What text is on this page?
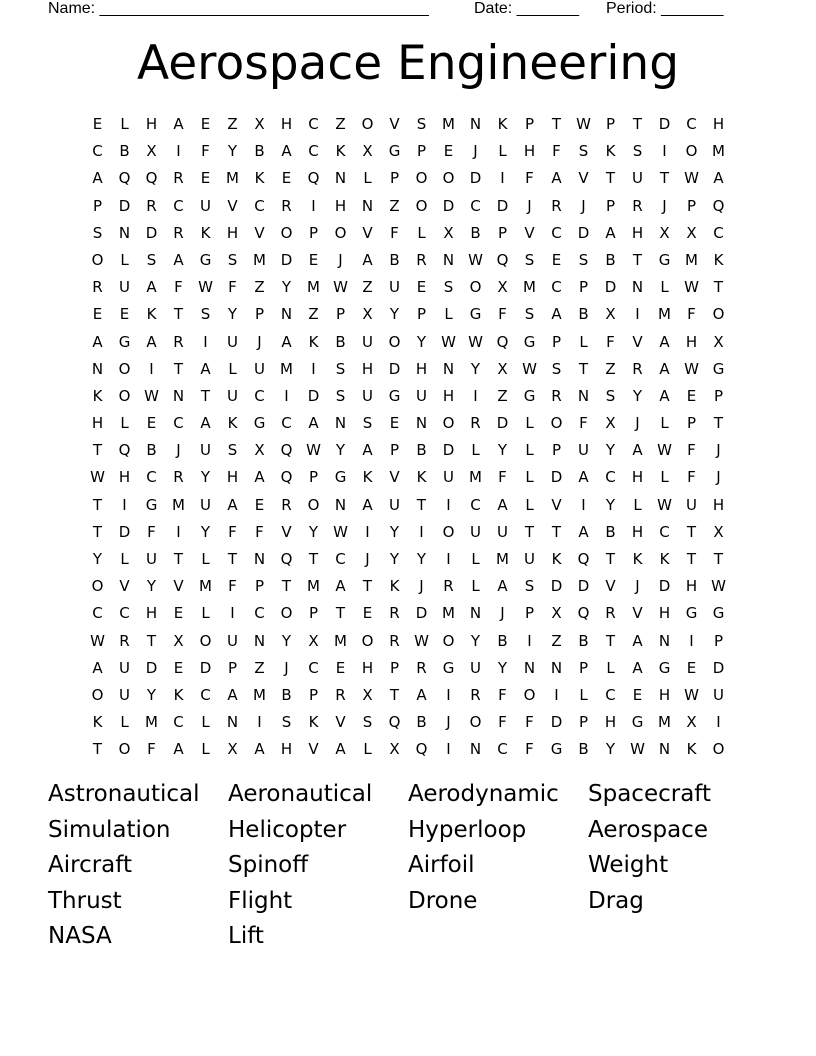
Name: _____________________________________	Date: _______ Period: _______
Aerospace Engineering
E	L	H	A	E	Z	X	H	C	Z	O	V	S	M N	K	P	T	W	P	T	D	C	H
C	B	X	I	F	Y	B	A	C	K	X	G	P	E	J	L	H	F	S	K	S	I	O M
A	Q	Q	R	E	M	K	E	Q	N	L	P	O	O	D	I	F	A	V	T	U	T	W A
P	D	R	C	U	V	C	R	I	H	N	Z	O	D	C	D	J	R	J	P	R	J	P	Q
S	N	D	R	K	H	V	O	P	O	V	F	L	X	B	P	V	C	D	A	H	X	X	C
O	L	S	A	G	S	M D	E	J	A	B	R	N W Q	S	E	S	B	T	G M	K
R	U	A	F	W	F	Z	Y	M W Z	U	E	S	O	X	M	C	P	D	N	L	W T
E	E	K	T	S	Y	P	N	Z	P	X	Y	P	L	G	F	S	A	B	X	I	M	F	O
A	G	A	R	I	U	J	A	K	B	U	O	Y	W W Q	G	P	L	F	V	A	H	X
N	O	I	T	A	L	U	M	I	S	H	D	H	N	Y	X W S	T	Z	R	A W G
K	O W N	T	U	C	I	D	S	U	G	U	H	I	Z	G	R	N	S	Y	A	E	P
H	L	E	C	A	K	G	C	A	N	S	E	N	O	R	D	L	O	F	X	J	L	P	T
T	Q	B	J	U	S	X	Q W Y	A	P	B	D	L	Y	L	P	U	Y	A W	F	J
W H	C	R	Y	H	A	Q	P	G	K	V	K	U	M	F	L	D	A	C	H	L	F	J
T	I	G M	U	A	E	R	O	N	A	U	T	I	C	A	L	V	I	Y	L	W U	H
T	D	F	I	Y	F	F	V	Y	W	I	Y	I	O	U	U	T	T	A	B	H	C	T	X
Y	L	U	T	L	T	N	Q	T	C	J	Y	Y	I	L	M	U	K	Q	T	K	K	T	T
O	V	Y	V	M	F	P	T	M	A	T	K	J	R	L	A	S	D	D	V	J	D	H W
C	C	H	E	L	I	C	O	P	T	E	R	D M N	J	P	X	Q	R	V	H	G	G
W R	T	X	O	U	N	Y	X	M O	R W O	Y	B	I	Z	B	T	A	N	I	P
A	U	D	E	D	P	Z	J	C	E	H	P	R	G	U	Y	N	N	P	L	A	G	E	D
O	U	Y	K	C	A	M	B	P	R	X	T	A	I	R	F	O	I	L	C	E	H W U
K	L	M	C	L	N	I	S	K	V	S	Q	B	J	O	F	F	D	P	H	G M	X	I
T	O	F	A	L	X	A	H	V	A	L	X	Q	I	N	C	F	G	B	Y	W N	K	O
Astronautical	Aeronautical	Aerodynamic	Spacecraft
Simulation	Helicopter	Hyperloop	Aerospace
Aircraft	Spinoff	Airfoil	Weight
Thrust	Flight	Drone	Drag
NASA	Lift
